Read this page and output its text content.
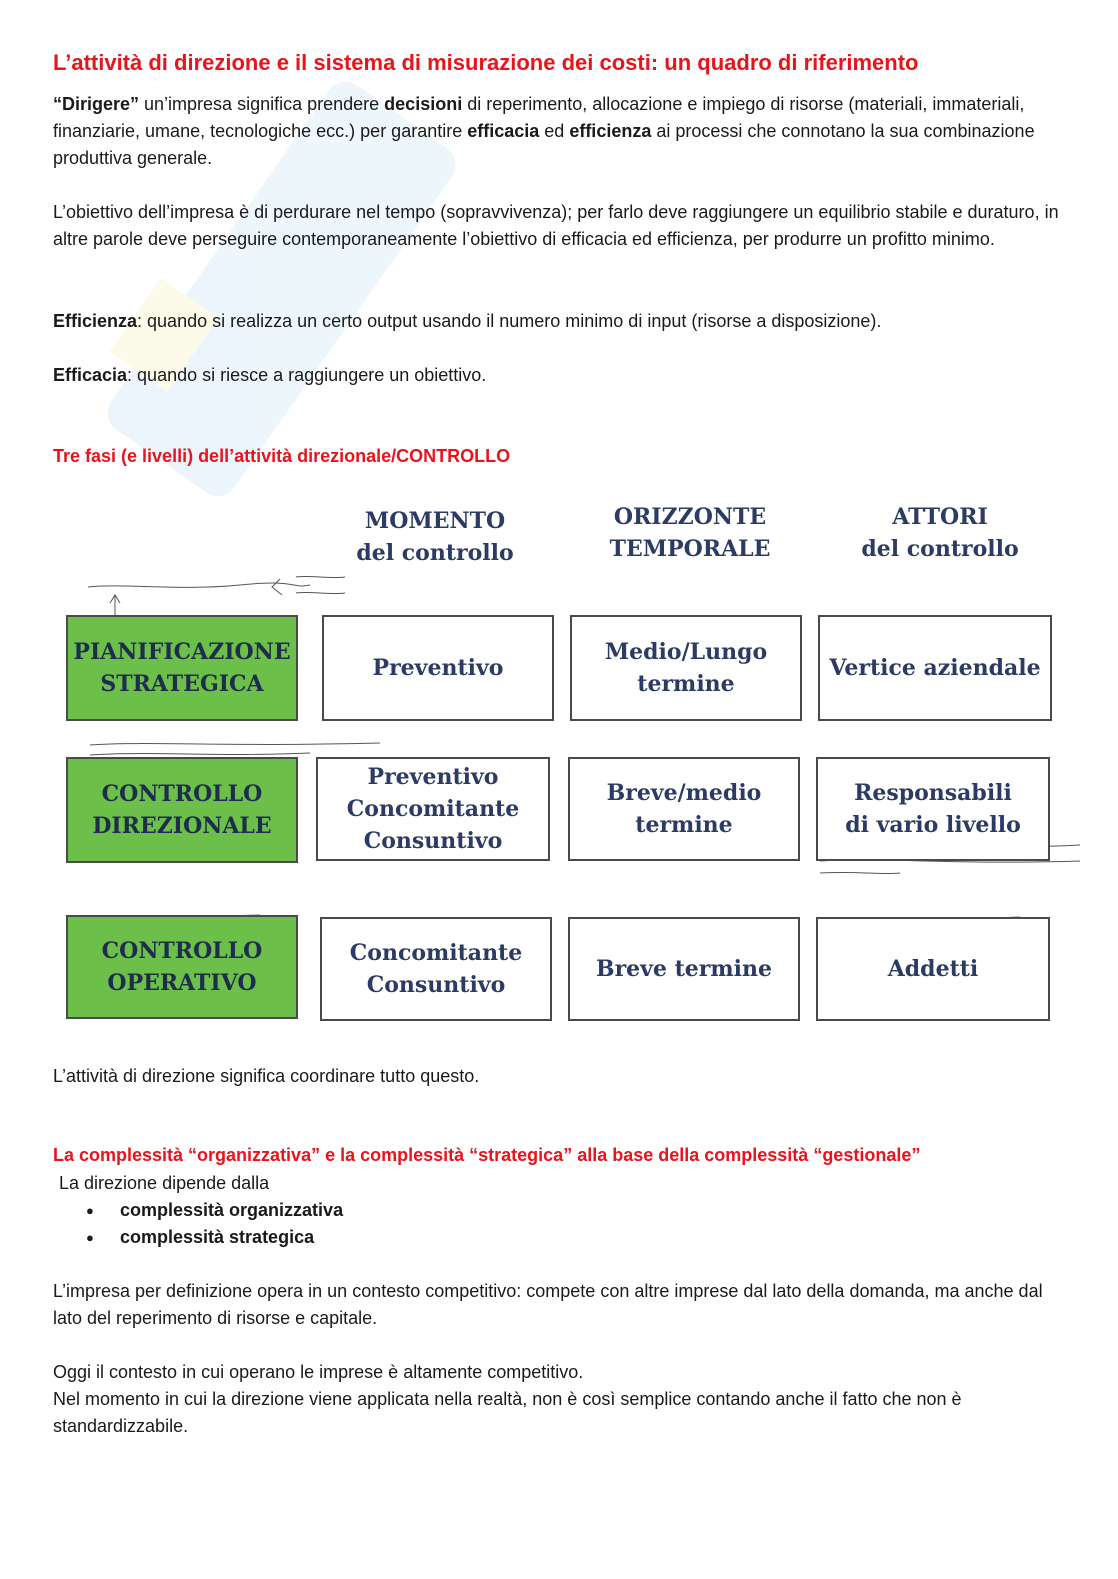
L’attività di direzione e il sistema di misurazione dei costi: un quadro di riferimento

“Dirigere” un’impresa significa prendere decisioni di reperimento, allocazione e impiego di risorse (materiali, immateriali, finanziarie, umane, tecnologiche ecc.) per garantire efficacia ed efficienza ai processi che connotano la sua combinazione produttiva generale.

L’obiettivo dell’impresa è di perdurare nel tempo (sopravvivenza); per farlo deve raggiungere un equilibrio stabile e duraturo, in altre parole deve perseguire contemporaneamente l’obiettivo di efficacia ed efficienza, per produrre un profitto minimo.

Efficienza: quando si realizza un certo output usando il numero minimo di input (risorse a disposizione).

Efficacia: quando si riesce a raggiungere un obiettivo.

Tre fasi (e livelli) dell’attività direzionale/CONTROLLO
MOMENTO
del controllo
ORIZZONTE
TEMPORALE
ATTORI
del controllo
PIANIFICAZIONE
STRATEGICA
Preventivo
Medio/Lungo
termine
Vertice aziendale
CONTROLLO
DIREZIONALE
Preventivo
Concomitante
Consuntivo
Breve/medio
termine
Responsabili
di vario livello
CONTROLLO
OPERATIVO
Concomitante
Consuntivo
Breve termine	Addetti

L’attività di direzione significa coordinare tutto questo.

La complessità “organizzativa” e la complessità “strategica” alla base della complessità “gestionale”

La direzione dipende dalla

● complessità organizzativa
● complessità strategica

L’impresa per definizione opera in un contesto competitivo: compete con altre imprese dal lato della domanda, ma anche dal lato del reperimento di risorse e capitale.

Oggi il contesto in cui operano le imprese è altamente competitivo.

Nel momento in cui la direzione viene applicata nella realtà, non è così semplice contando anche il fatto che non è standardizzabile.
